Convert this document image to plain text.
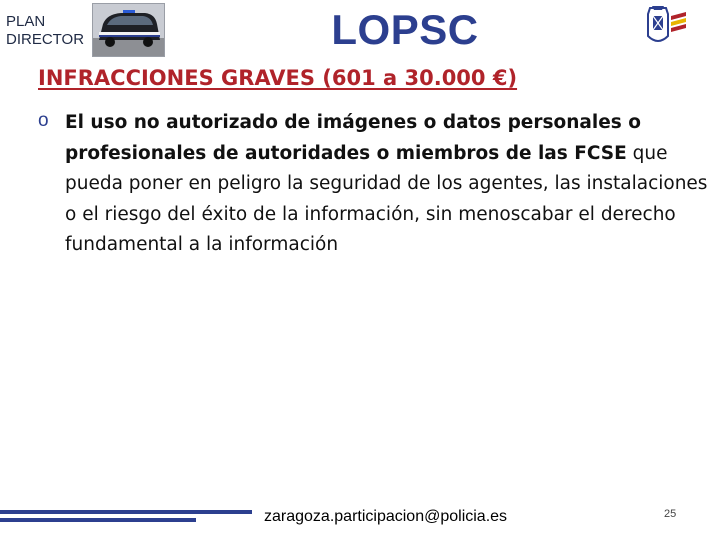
PLAN
DIRECTOR	LOPSC
INFRACCIONES GRAVES (601 a 30.000 €)
o El uso no autorizado de imágenes o datos personales o profesionales de autoridades o miembros de las FCSE que pueda poner en peligro la seguridad de los agentes, las instalaciones o el riesgo del éxito de la información, sin menoscabar el derecho fundamental a la información
zaragoza.participacion@policia.es	25
